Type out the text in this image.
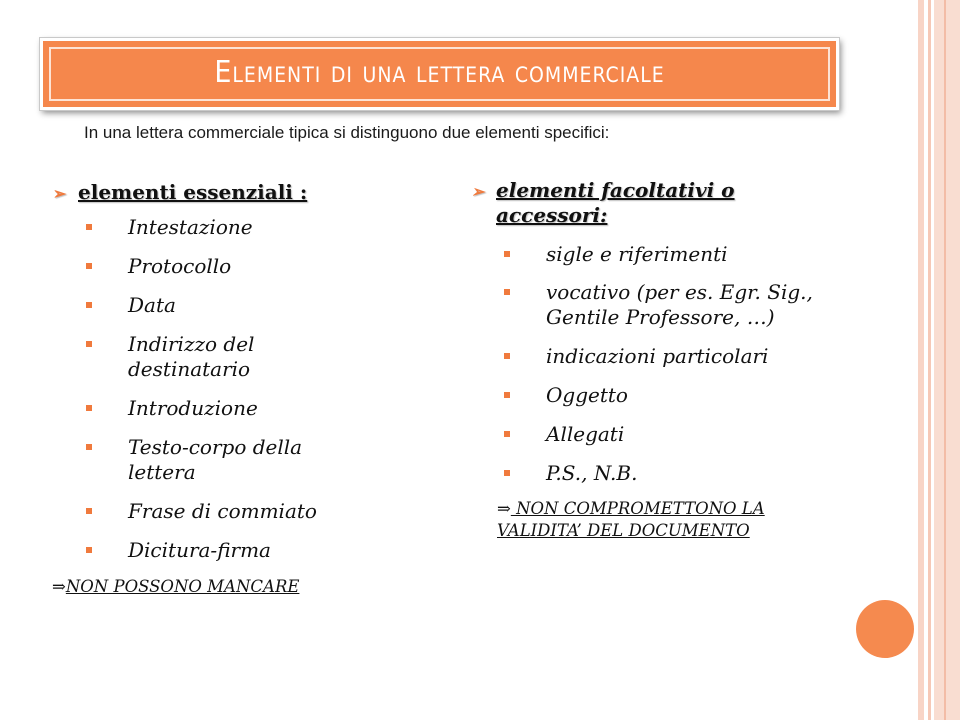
Elementi di una lettera commerciale
In una lettera commerciale tipica si distinguono due elementi specifici:
➢ elementi essenziali :
Intestazione
Protocollo
Data
Indirizzo del destinatario
Introduzione
Testo-corpo della lettera
Frase di commiato
Dicitura-firma
⇒NON POSSONO MANCARE
➢ elementi facoltativi o accessori:
sigle e riferimenti
vocativo (per es. Egr. Sig., Gentile Professore, …)
indicazioni particolari
Oggetto
Allegati
P.S., N.B.
⇒ NON COMPROMETTONO LA VALIDITA’ DEL DOCUMENTO
